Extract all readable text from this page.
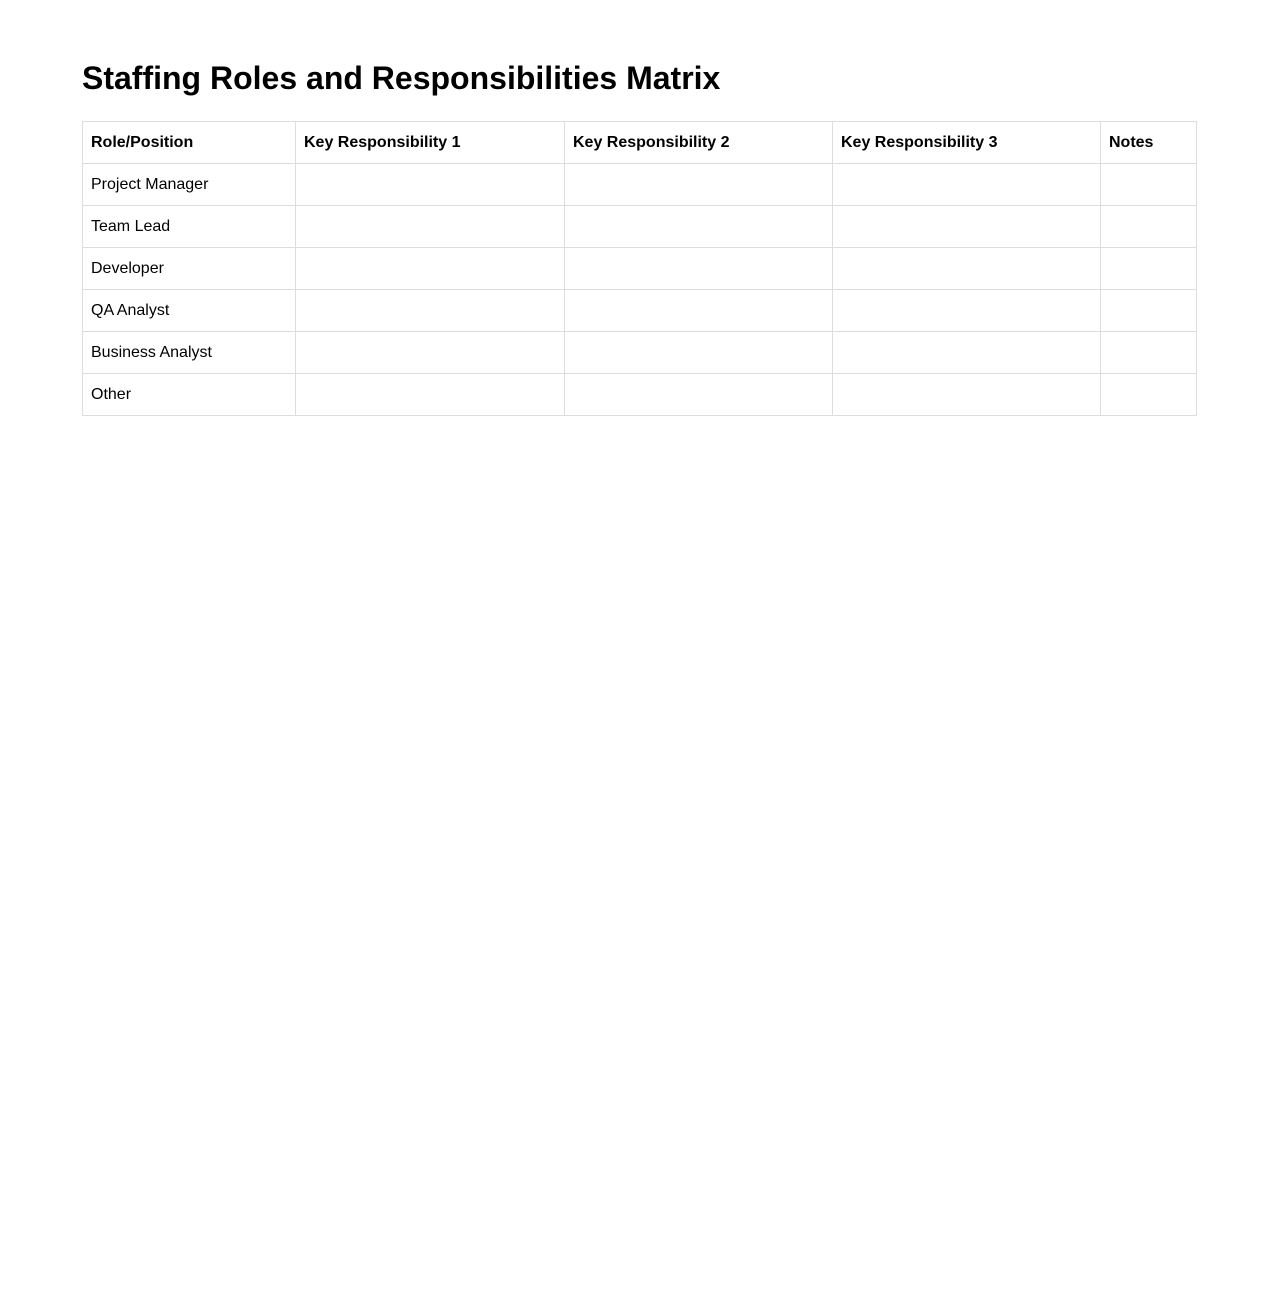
Staffing Roles and Responsibilities Matrix
Role/Position	Key Responsibility 1	Key Responsibility 2	Key Responsibility 3	Notes
Project Manager				
Team Lead				
Developer				
QA Analyst				
Business Analyst				
Other				
